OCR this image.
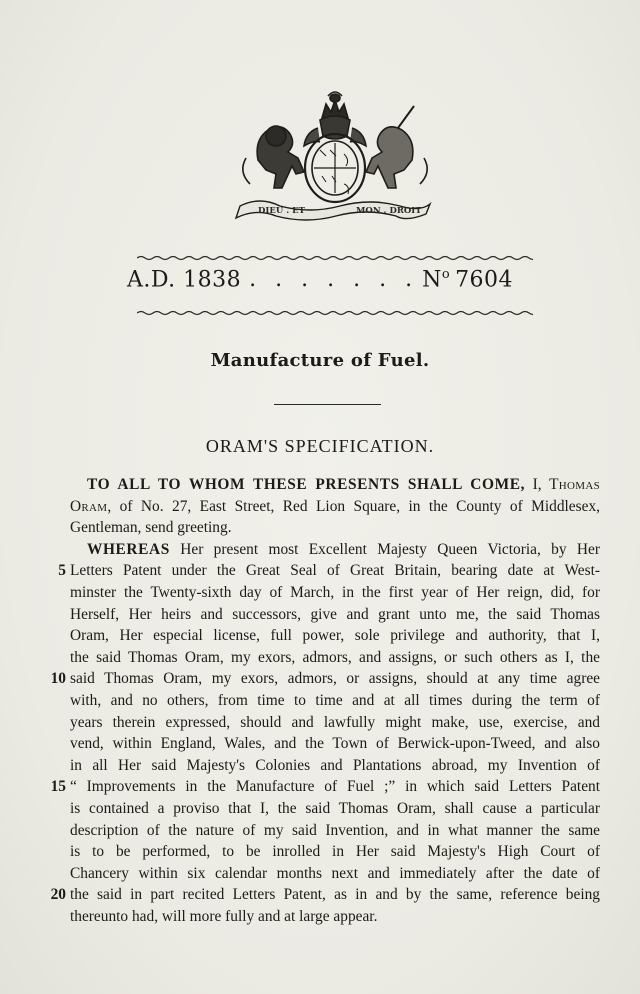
DIEU . ET	MON . DROIT
A.D. 1838 . . . . . . . $N^o$  7604
Manufacture of Fuel.
ORAM'S SPECIFICATION.
TO ALL TO WHOM THESE PRESENTS SHALL COME, I, Thomas
Oram, of No. 27, East Street, Red Lion Square, in the County of Middlesex,
Gentleman, send greeting.
WHEREAS Her present most Excellent Majesty Queen Victoria, by Her
5 Letters Patent under the Great Seal of Great Britain, bearing date at West-
minster the Twenty-sixth day of March, in the first year of Her reign, did, for
Herself, Her heirs and successors, give and grant unto me, the said Thomas
Oram, Her especial license, full power, sole privilege and authority, that I,
the said Thomas Oram, my exors, admors, and assigns, or such others as I, the
10 said Thomas Oram, my exors, admors, or assigns, should at any time agree
with, and no others, from time to time and at all times during the term of
years therein expressed, should and lawfully might make, use, exercise, and
vend, within England, Wales, and the Town of Berwick-upon-Tweed, and also
in all Her said Majesty's Colonies and Plantations abroad, my Invention of
15 “ Improvements in the Manufacture of Fuel ;” in which said Letters Patent
is contained a proviso that I, the said Thomas Oram, shall cause a particular
description of the nature of my said Invention, and in what manner the same
is to be performed, to be inrolled in Her said Majesty's High Court of
Chancery within six calendar months next and immediately after the date of
20 the said in part recited Letters Patent, as in and by the same, reference being
thereunto had, will more fully and at large appear.
